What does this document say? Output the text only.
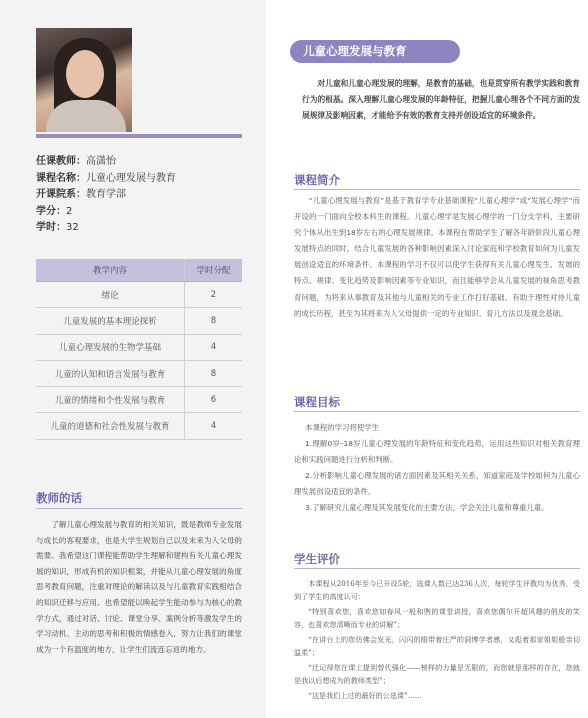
任课教师：高潇怡
课程名称：儿童心理发展与教育
开课院系：教育学部
学分：2
学时：32
教学内容	学时分配
绪论	2
儿童发展的基本理论探析	8
儿童心理发展的生物学基础	4
儿童的认知和语言发展与教育	8
儿童的情绪和个性发展与教育	6
儿童的道德和社会性发展与教育	4
教师的话
了解儿童心理发展与教育的相关知识，既是教师专业发展与成长的客观要求，也是大学生规划自己以及未来为人父母的需要。我希望这门课程能帮助学生理解和建构有关儿童心理发展的知识，形成有机的知识框架，并能从儿童心理发展的角度思考教育问题，注重对理论的解读以及与儿童教育实践相结合的知识迁移与应用。也希望能以唤起学生能动参与为核心的教学方式，通过对话、讨论、课堂分享、案例分析等激发学生的学习动机、主动的思考和积极的情感卷入，努力让我们的课堂成为一个有温度的地方，让学生们流连忘返的地方。
儿童心理发展与教育
对儿童和儿童心理发展的理解，是教育的基础，也是贯穿所有教学实践和教育行为的根基。深入理解儿童心理发展的年龄特征，把握儿童心理各个不同方面的发展规律及影响因素，才能给予有效的教育支持并创设适宜的环境条件。
课程简介

“儿童心理发展与教育”是基于教育学专业基础课程“儿童心理学”或“发展心理学”而开设的一门面向全校本科生的课程。儿童心理学是发展心理学的一门分支学科，主要研究个体从出生到18岁左右的心理发展规律。本课程在帮助学生了解各年龄阶段儿童心理发展特点的同时，结合儿童发展的各种影响因素深入讨论家庭和学校教育如何为儿童发展创设适宜的环境条件。本课程的学习不仅可以使学生获得有关儿童心理发生、发展的特点、规律、变化趋势及影响因素等专业知识，而且能够学会从儿童发展的视角思考教育问题，为将来从事教育及其他与儿童相关的专业工作打好基础，有助于理性对待儿童的成长历程，甚至为其将来为人父母提供一定的专业知识、育儿方法以及观念基础。

课程目标

本课程的学习将使学生

1.理解0岁–18岁儿童心理发展的年龄特征和变化趋势，运用这些知识对相关教育理论和实践问题进行分析和判断。

2.分析影响儿童心理发展的诸方面因素及其相关关系，知道家庭及学校如何为儿童心理发展创设适宜的条件。

3.了解研究儿童心理及其发展变化的主要方法，学会关注儿童和尊重儿童。

学生评价

本课程从2016年至今已开设5轮，选课人数已达236人次，每轮学生评教均为优秀，受到了学生的高度认可：

“特别喜欢您，喜欢您如春风一般和煦的课堂讲授，喜欢您偶尔开超风趣的俏皮的笑容，也喜欢您清晰而专业的讲解”；

“在讲台上的您仿佛会发光，闪闪的眼带着庄严的洞博学者感，又彪着那家姐姐般亲切温柔”；

“迁记得您在课上提到替代强化——榜样的力量是无限的，而您就是那样的存在，您就是我以后想成为的教师类型”；

“这是我们上过的最好的公选课”……
